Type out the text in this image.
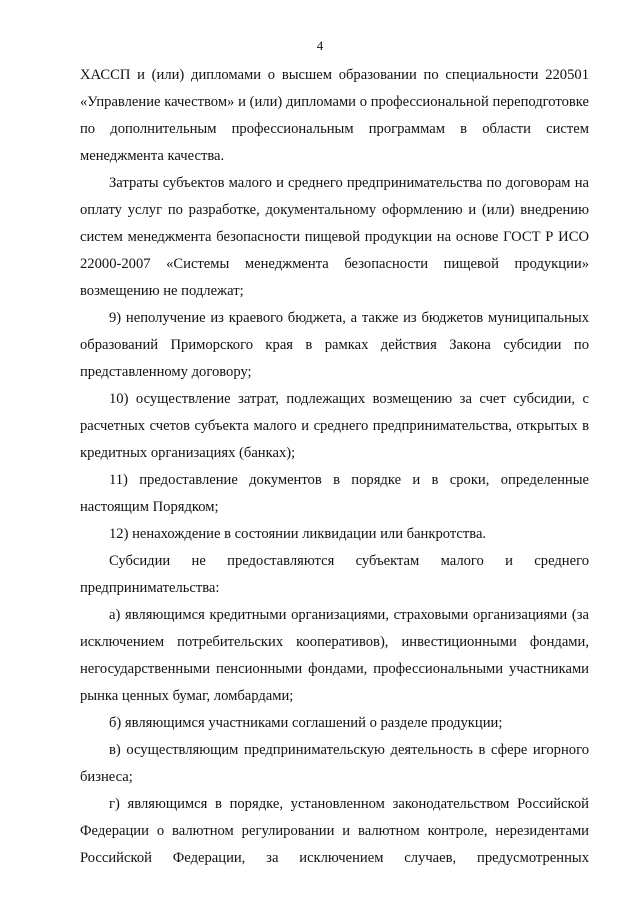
4

ХАССП и (или) дипломами о высшем образовании по специальности 220501 «Управление качеством» и (или) дипломами о профессиональной переподготовке по дополнительным профессиональным программам в области систем менеджмента качества.

Затраты субъектов малого и среднего предпринимательства по договорам на оплату услуг по разработке, документальному оформлению и (или) внедрению систем менеджмента безопасности пищевой продукции на основе ГОСТ Р ИСО 22000-2007 «Системы менеджмента безопасности пищевой продукции» возмещению не подлежат;

9) неполучение из краевого бюджета, а также из бюджетов муниципальных образований Приморского края в рамках действия Закона субсидии по представленному договору;

10) осуществление затрат, подлежащих возмещению за счет субсидии, с расчетных счетов субъекта малого и среднего предпринимательства, открытых в кредитных организациях (банках);

11) предоставление документов в порядке и в сроки, определенные настоящим Порядком;

12) ненахождение в состоянии ликвидации или банкротства.

Субсидии не предоставляются субъектам малого и среднего предпринимательства:

а) являющимся кредитными организациями, страховыми организациями (за исключением потребительских кооперативов), инвестиционными фондами, негосударственными пенсионными фондами, профессиональными участниками рынка ценных бумаг, ломбардами;

б) являющимся участниками соглашений о разделе продукции;

в) осуществляющим предпринимательскую деятельность в сфере игорного бизнеса;

г) являющимся в порядке, установленном законодательством Российской Федерации о валютном регулировании и валютном контроле, нерезидентами Российской Федерации, за исключением случаев, предусмотренных
